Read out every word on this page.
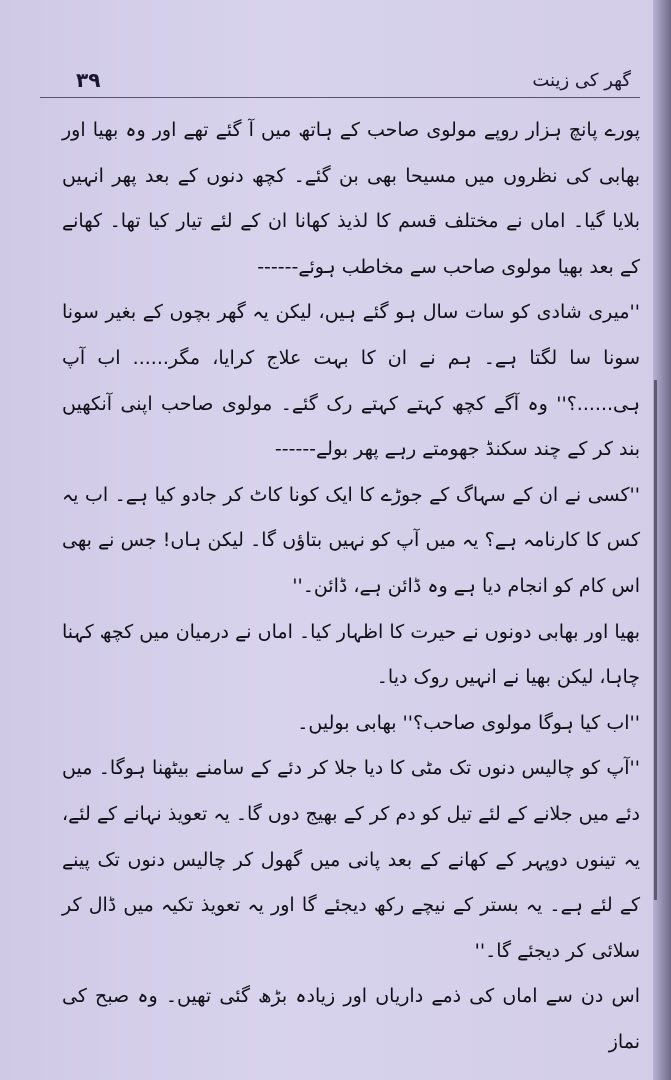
۳۹	گھر کی زینت

پورے پانچ ہزار روپے مولوی صاحب کے ہاتھ میں آ گئے تھے اور وہ بھیا اور بھابی کی نظروں میں مسیحا بھی بن گئے۔ کچھ دنوں کے بعد پھر انہیں بلایا گیا۔ اماں نے مختلف قسم کا لذیذ کھانا ان کے لئے تیار کیا تھا۔ کھانے کے بعد بھیا مولوی صاحب سے مخاطب ہوئے------

''میری شادی کو سات سال ہو گئے ہیں، لیکن یہ گھر بچوں کے بغیر سونا سونا سا لگتا ہے۔ ہم نے ان کا بہت علاج کرایا، مگر...... اب آپ ہی......؟'' وہ آگے کچھ کہتے کہتے رک گئے۔ مولوی صاحب اپنی آنکھیں بند کر کے چند سکنڈ جھومتے رہے پھر بولے------

''کسی نے ان کے سہاگ کے جوڑے کا ایک کونا کاٹ کر جادو کیا ہے۔ اب یہ کس کا کارنامہ ہے؟ یہ میں آپ کو نہیں بتاؤں گا۔ لیکن ہاں! جس نے بھی اس کام کو انجام دیا ہے وہ ڈائن ہے، ڈائن۔''

بھیا اور بھابی دونوں نے حیرت کا اظہار کیا۔ اماں نے درمیان میں کچھ کہنا چاہا، لیکن بھیا نے انہیں روک دیا۔

''اب کیا ہوگا مولوی صاحب؟'' بھابی بولیں۔

''آپ کو چالیس دنوں تک مٹی کا دیا جلا کر دئے کے سامنے بیٹھنا ہوگا۔ میں دئے میں جلانے کے لئے تیل کو دم کر کے بھیج دوں گا۔ یہ تعویذ نہانے کے لئے، یہ تینوں دوپہر کے کھانے کے بعد پانی میں گھول کر چالیس دنوں تک پینے کے لئے ہے۔ یہ بستر کے نیچے رکھ دیجئے گا اور یہ تعویذ تکیہ میں ڈال کر سلائی کر دیجئے گا۔''

اس دن سے اماں کی ذمے داریاں اور زیادہ بڑھ گئی تھیں۔ وہ صبح کی نماز
